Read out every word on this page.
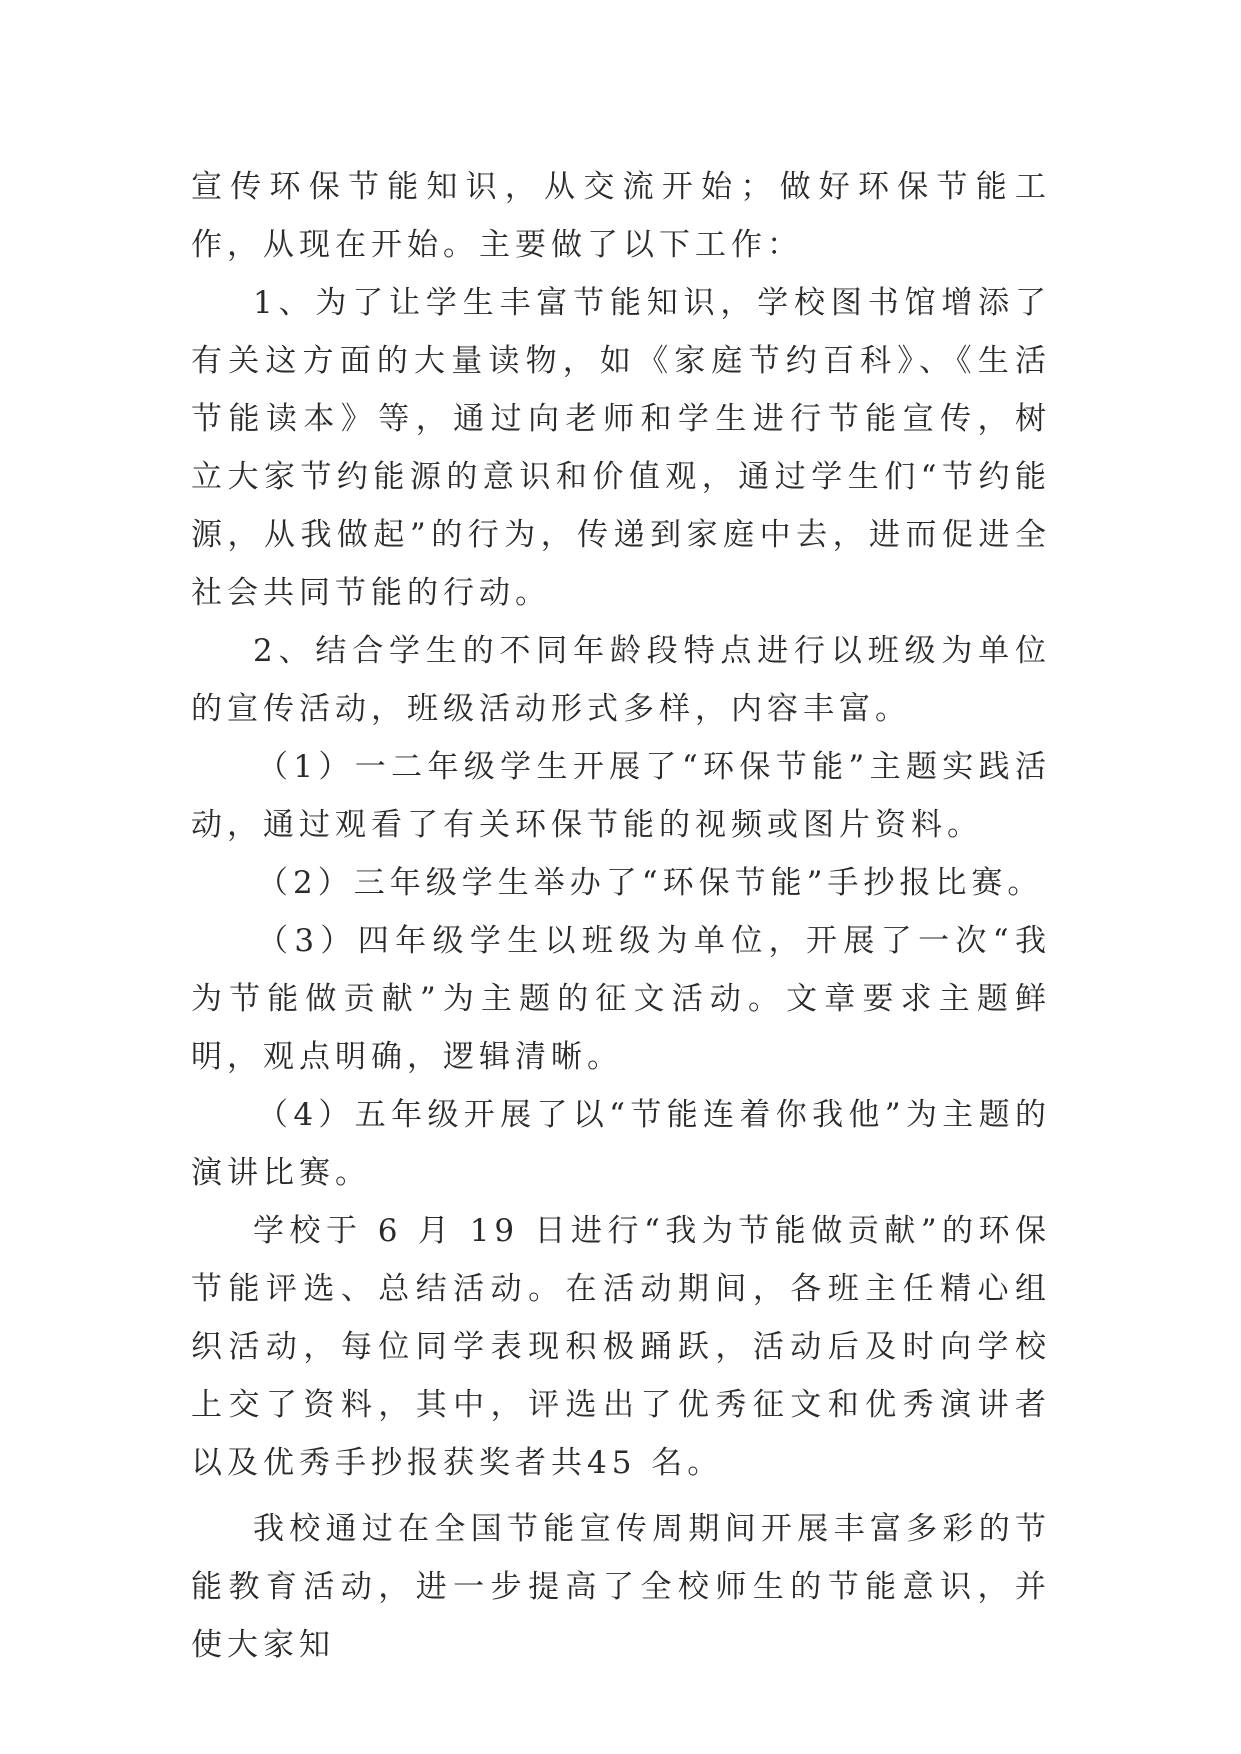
宣传环保节能知识，从交流开始；做好环保节能工作，从现在开始。主要做了以下工作：

1、为了让学生丰富节能知识，学校图书馆增添了有关这方面的大量读物，如《家庭节约百科》、《生活节能读本》等，通过向老师和学生进行节能宣传，树立大家节约能源的意识和价值观，通过学生们“节约能源，从我做起”的行为，传递到家庭中去，进而促进全社会共同节能的行动。

2、结合学生的不同年龄段特点进行以班级为单位的宣传活动，班级活动形式多样，内容丰富。

（1）一二年级学生开展了“环保节能”主题实践活动，通过观看了有关环保节能的视频或图片资料。

（2）三年级学生举办了“环保节能”手抄报比赛。

（3）四年级学生以班级为单位，开展了一次“我为节能做贡献”为主题的征文活动。文章要求主题鲜明，观点明确，逻辑清晰。

（4）五年级开展了以“节能连着你我他”为主题的演讲比赛。

学校于 6 月 19 日进行“我为节能做贡献”的环保节能评选、总结活动。在活动期间，各班主任精心组织活动，每位同学表现积极踊跃，活动后及时向学校上交了资料，其中，评选出了优秀征文和优秀演讲者以及优秀手抄报获奖者共45 名。

我校通过在全国节能宣传周期间开展丰富多彩的节能教育活动，进一步提高了全校师生的节能意识，并使大家知
